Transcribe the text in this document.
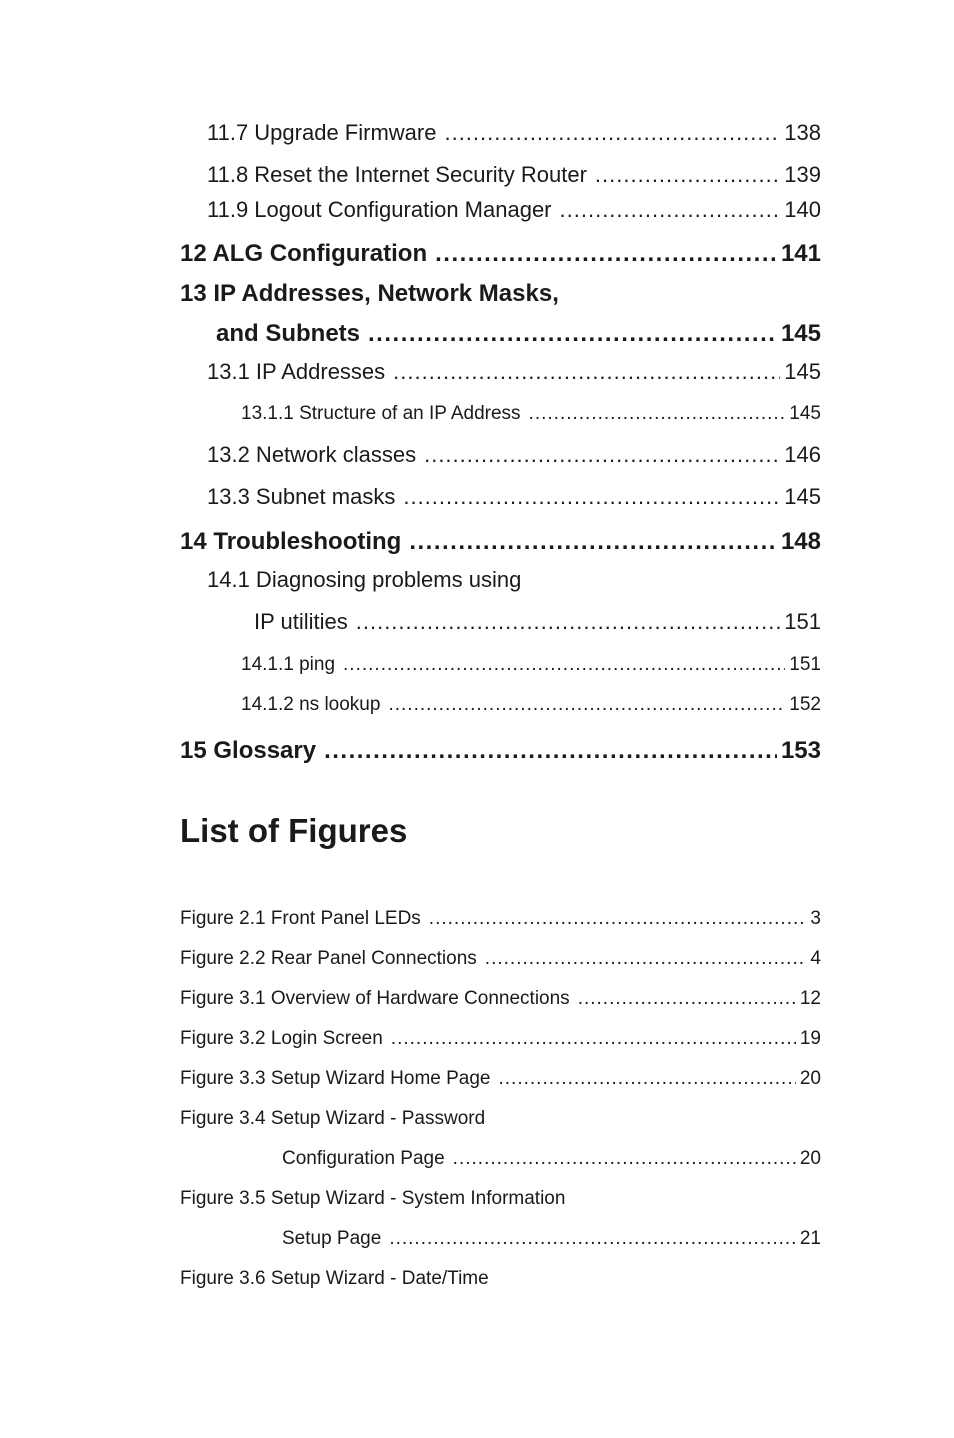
11.7 Upgrade Firmware .....	138
11.8 Reset the Internet Security Router .....	139
11.9 Logout Configuration Manager .....	140
12 ALG Configuration .....	141
13 IP Addresses, Network Masks,
and Subnets .....	145
13.1 IP Addresses .....	145
13.1.1 Structure of an IP Address .....	145
13.2 Network classes .....	146
13.3 Subnet masks .....	145
14 Troubleshooting .....	148
14.1 Diagnosing problems using
IP utilities .....	151
14.1.1 ping .....	151
14.1.2 ns lookup .....	152
15 Glossary .....	153
List of Figures
Figure 2.1 Front Panel LEDs .....	3
Figure 2.2 Rear Panel Connections .....	4
Figure 3.1 Overview of Hardware Connections .....	12
Figure 3.2 Login Screen .....	19
Figure 3.3 Setup Wizard Home Page .....	20
Figure 3.4 Setup Wizard - Password
Configuration Page .....	20
Figure 3.5 Setup Wizard - System Information
Setup Page .....	21
Figure 3.6 Setup Wizard - Date/Time
